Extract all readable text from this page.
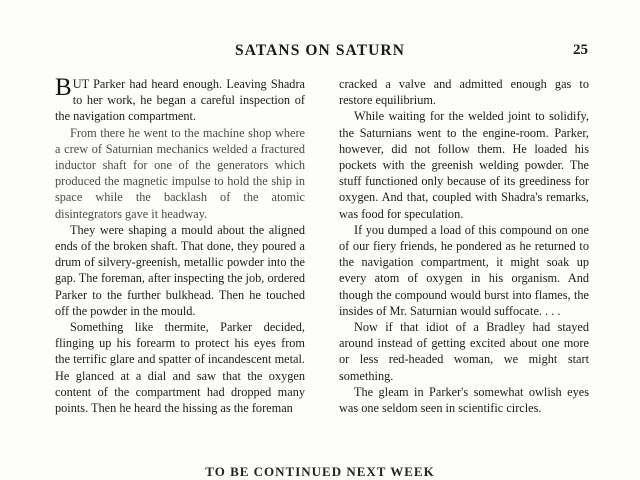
SATANS ON SATURN	25

BUT Parker had heard enough. Leaving Shadra to her work, he began a careful inspection of the navigation compartment.

From there he went to the machine shop where a crew of Saturnian mechanics welded a fractured inductor shaft for one of the generators which produced the magnetic impulse to hold the ship in space while the backlash of the atomic disintegrators gave it headway.

They were shaping a mould about the aligned ends of the broken shaft. That done, they poured a drum of silvery-greenish, metallic powder into the gap. The foreman, after inspecting the job, ordered Parker to the further bulkhead. Then he touched off the powder in the mould.

Something like thermite, Parker decided, flinging up his forearm to protect his eyes from the terrific glare and spatter of incandescent metal. He glanced at a dial and saw that the oxygen content of the compartment had dropped many points. Then he heard the hissing as the foreman

cracked a valve and admitted enough gas to restore equilibrium.

While waiting for the welded joint to solidify, the Saturnians went to the engine-room. Parker, however, did not follow them. He loaded his pockets with the greenish welding powder. The stuff functioned only because of its greediness for oxygen. And that, coupled with Shadra's remarks, was food for speculation.

If you dumped a load of this compound on one of our fiery friends, he pondered as he returned to the navigation compartment, it might soak up every atom of oxygen in his organism. And though the compound would burst into flames, the insides of Mr. Saturnian would suffocate. . . .

Now if that idiot of a Bradley had stayed around instead of getting excited about one more or less red-headed woman, we might start something.

The gleam in Parker's somewhat owlish eyes was one seldom seen in scientific circles.

TO BE CONTINUED NEXT WEEK
